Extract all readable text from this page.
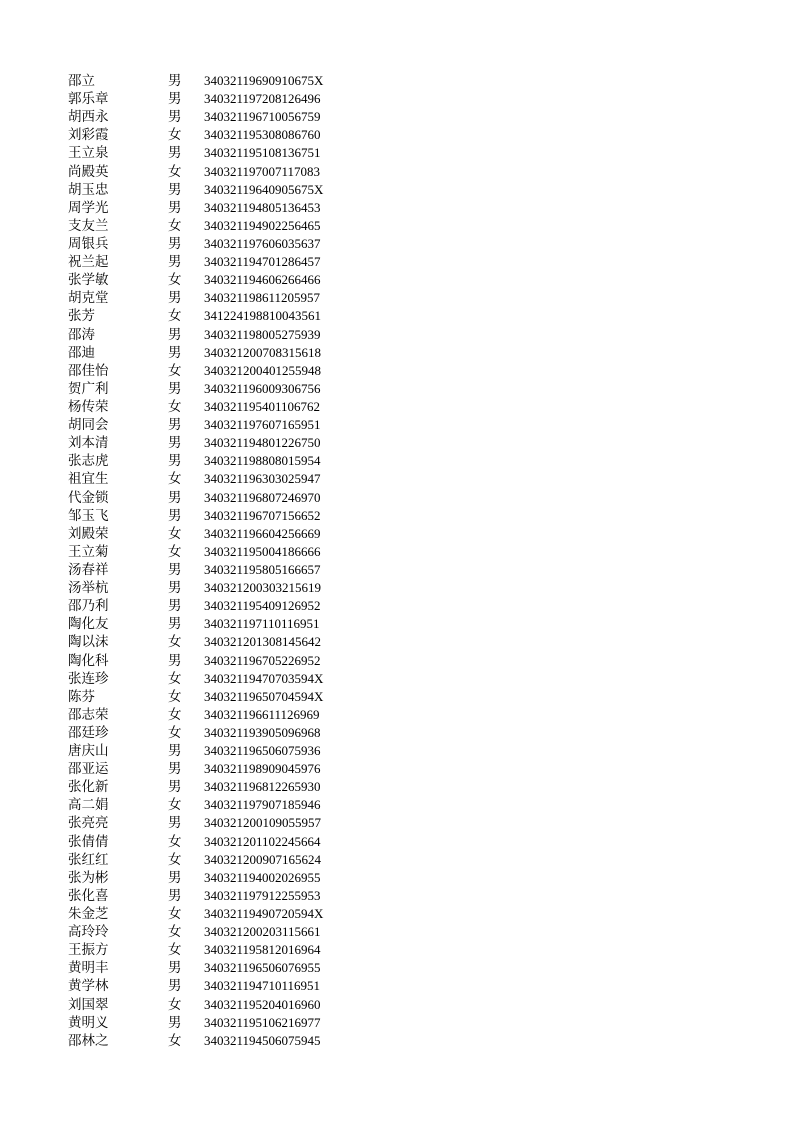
邵立	男	34032119690910675X
郭乐章	男	340321197208126496
胡西永	男	340321196710056759
刘彩霞	女	340321195308086760
王立泉	男	340321195108136751
尚殿英	女	340321197007117083
胡玉忠	男	34032119640905675X
周学光	男	340321194805136453
支友兰	女	340321194902256465
周银兵	男	340321197606035637
祝兰起	男	340321194701286457
张学敏	女	340321194606266466
胡克堂	男	340321198611205957
张芳	女	341224198810043561
邵涛	男	340321198005275939
邵迪	男	340321200708315618
邵佳怡	女	340321200401255948
贺广利	男	340321196009306756
杨传荣	女	340321195401106762
胡同会	男	340321197607165951
刘本清	男	340321194801226750
张志虎	男	340321198808015954
祖宜生	女	340321196303025947
代金锁	男	340321196807246970
邹玉飞	男	340321196707156652
刘殿荣	女	340321196604256669
王立菊	女	340321195004186666
汤春祥	男	340321195805166657
汤举杭	男	340321200303215619
邵乃利	男	340321195409126952
陶化友	男	340321197110116951
陶以沫	女	340321201308145642
陶化科	男	340321196705226952
张连珍	女	34032119470703594X
陈芬	女	34032119650704594X
邵志荣	女	340321196611126969
邵廷珍	女	340321193905096968
唐庆山	男	340321196506075936
邵亚运	男	340321198909045976
张化新	男	340321196812265930
高二娟	女	340321197907185946
张亮亮	男	340321200109055957
张倩倩	女	340321201102245664
张红红	女	340321200907165624
张为彬	男	340321194002026955
张化喜	男	340321197912255953
朱金芝	女	34032119490720594X
高玲玲	女	340321200203115661
王振方	女	340321195812016964
黄明丰	男	340321196506076955
黄学林	男	340321194710116951
刘国翠	女	340321195204016960
黄明义	男	340321195106216977
邵林之	女	340321194506075945
